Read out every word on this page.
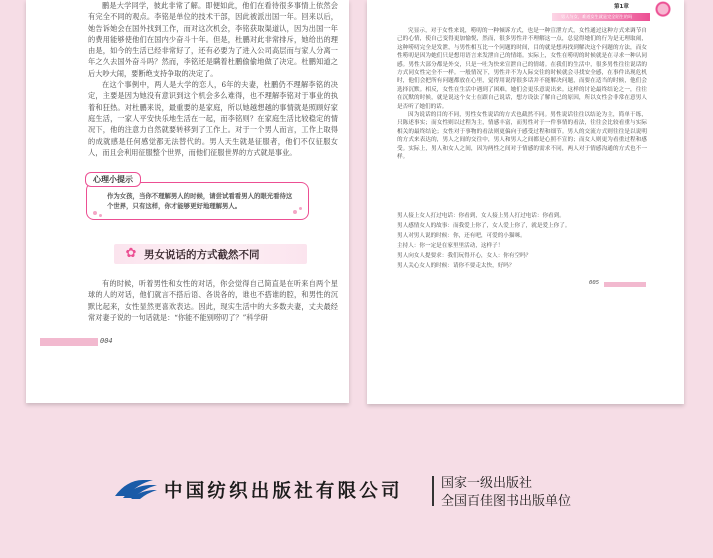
鹏是大学同学，彼此非常了解。即便如此，他们在看待很多事情上依然会有完全不同的观点。李铭是单位的技术干部，因此被派出国一年。回来以后，她告诉她会在国外找到工作，而对这次机会，李铭获取渠道认，因为出国一年的费用能够使他们在国内少奋斗十年。但是，杜鹏对此非常排斥，她给出的理由是，如今的生活已经非常好了，还有必要为了进入公司高层而与家人分离一年之久去国外奋斗吗？然而，李铭还是瞒着杜鹏偷偷地做了决定。杜鹏知道之后大吵大闹，要断绝支持争取的决定了。

在这个事例中，两人是大学的恋人，6年的夫妻，杜鹏仍不理解李铭的决定，主要是因为她没有意识到这个机会多么难得，也不理解李铭对于事业的执着和狂热。对杜鹏来说，最重要的是家庭，所以她越想越的事情就是照顾好家庭生活，一家人平安快乐地生活在一起，而李铭则？在家庭生活比较稳定的情况下，他的注意力自然就要转移到了工作上。对于一个男人而言，工作上取得的成就感是任何感觉都无法替代的。男人天生就是征服者，他们不仅征服女人，而且会利用征服整个世界，而他们征服世界的方式就是事业。

心理小提示
作为女孩，当你不理解男人的时候，请尝试看看男人的眼光看待这个世界，只有这样，你才能够更好地理解男人。
✿ 男女说话的方式截然不同

有的时候，听着男性和女性的对话，你会觉得自己简直是在听来自两个星球的人的对话，他们就言不搭后语、各说各的，谁也不搭谁的腔，和男性的沉默比起来，女性显然更喜欢表达。因此，现实生活中的大多数夫妻，丈夫最经常对妻子说的一句话就是：“你能不能别唠叨了？”科学研

004
第1章
男人与女，难道女生就是完全陌生的吗

究显示，对于女性来说，唠叨的一种倾诉方式，也是一种宣泄方式，女性通过这种方式来调节自己的心情，使自己变得更加愉悦，然而，很多男性并不理解这一点，总觉得她们的行为是无理取闹，这种唠叨完全是发泄，与男性相互比一个问题的时间，目的就是想再找到解决这个问题的方法，而女性唠叨是因为她们只是想用语言来发泄自己的情绪。实际上，女性在唠叨的时候就是在寻求一种认同感。男性大部分都是外交，只是一吐为快来宣泄自己的情绪。在我们的生活中，很多男性往往说话的方式同女性完全不一样。一般情况下，男性并不为人际交往的时候就会寻找安全感，在事件出现危机时，他们会把所有问题都放在心里，觉得用说得很多话并不能解决问题，而要在适当的时候，他们会选择沉默。相反，女性在生活中遇到了困难，她们会更乐意说出来。这样的讨论最终结论之一，往往在沉默的时候，就是说这个女士在跟自己说话，想方设法了解自己的原因，所以女性会非常在意男人是否听了她们的话。

因为说话的目的不同，男性女性说话的方式也截然不同。男性说话往往以结论为主，简单干练，只陈述事实；而女性则以过程为主，情感丰富，而男性对于一件事情的看法，往往会比较看重与实际相关的最终结论；女性对于事物的看法则更偏向于感受过程和细节。男人的交流方式则往往是以说明的方式来表达的，男人之间的交往中，男人和男人之间都是心照不宣的；而女人则更为看重过程和感受。实际上，男人和女人之间，因为两性之间对于情感的需求不同，两人对于情感沟通的方式也不一样。

男人接上女人打过电话：你看到，女人接上男人打过电话：你看到。

男人感情女人的故事：而我爱上你了，女人爱上你了，就是爱上你了。

男人对男人说的时候：你，还有吧，可爱的小猫咪。

主持人：你一定是在家里里活动，这样子！

男人向女人提要求：我们玩得开心，女人：你有空吗？

男人关心女人的时候：请你不要走太快，好吗？

005
中国纺织出版社有限公司	国家一级出版社
全国百佳图书出版单位
